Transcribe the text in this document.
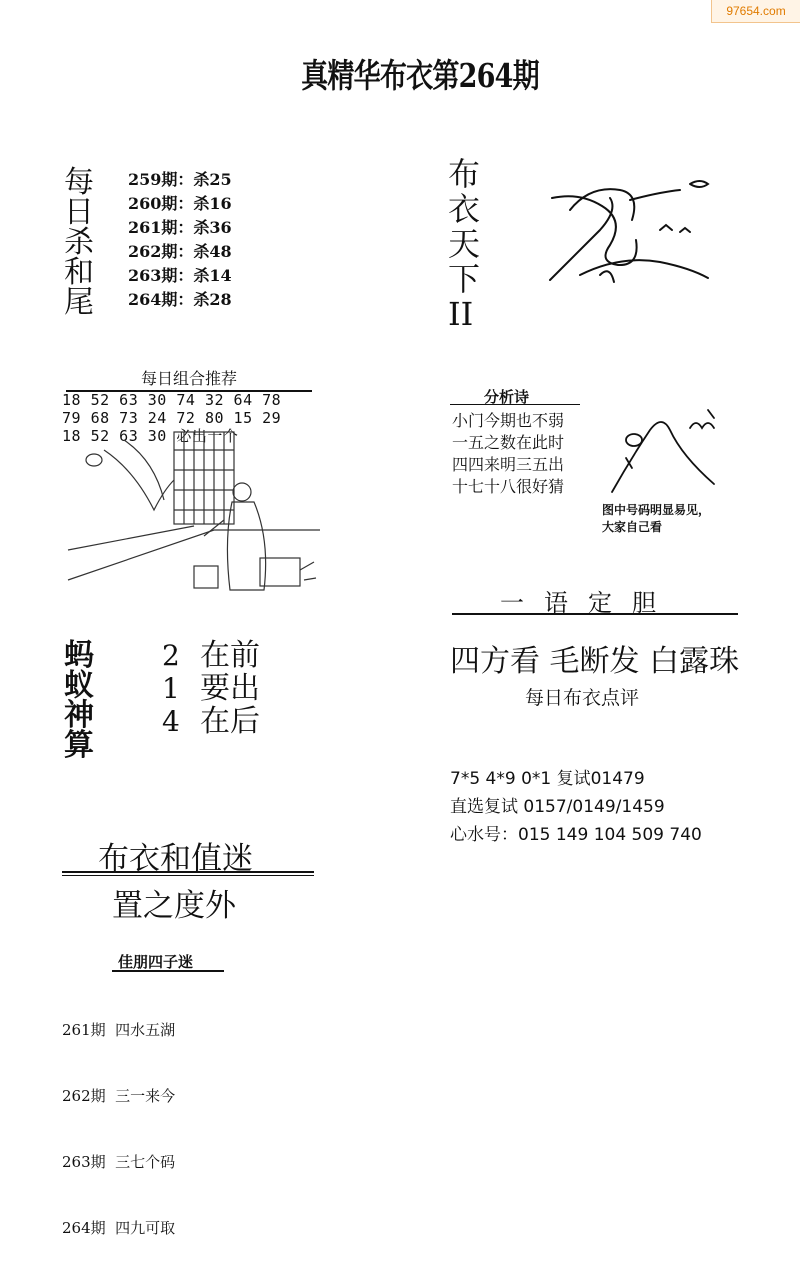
97654.com
真精华布衣第264期
每
日
杀
和
尾
259期：杀25
260期：杀16
261期：杀36
262期：杀48
263期：杀14
264期：杀28
布
衣
天
下
II
每日组合推荐
18 52 63 30 74 32 64 78
79 68 73 24 72 80 15 29
18 52 63 30 必出一个
分析诗
小门今期也不弱
一五之数在此时
四四来明三五出
十七十八很好猜
图中号码明显易见，
大家自己看
一语定胆
四方看 毛断发 白露珠
每日布衣点评
蚂
蚁
神
算
2 在前
1 要出
4 在后
7*5 4*9 0*1 复试01479
直选复试 0157/0149/1459
心水号：015 149 104 509 740
布衣和值迷
置之度外
佳朋四子迷

261期  四水五湖

262期  三一来今

263期  三七个码

264期  四九可取
